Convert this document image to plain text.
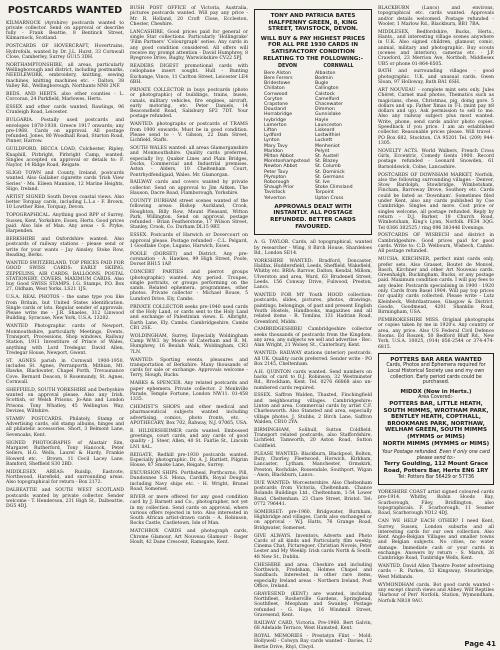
POSTCARDS WANTED
KILMARNOCK (Ayrshire) postcards wanted to private collector. Send on approval or describe fully - Frank Beattie, 8 Bentinck Street, Kilmarnock, Scotland.
POSTCARDS OF HOVERCRAFT, Hovertrains, Hydrofoils, wanted by Dr. J.L. Hurst, 33 Cornwall Close, Camberley, Surrey GU15 3DH.
NORTHAMPTONSHIRE, all areas, particularly Wellingborough and district, including postmarks, NEEDLEWORK, embroidery, knitting, sewing machines, knitting machines etc. - Dalton, 38 Valley Rd., Wellingborough, Northants NN8 2NF.
BEDS. AND HERTS. also other counties - L. Corcoran, 24 Parkfield, Marlowes, Herts.
ESSEX and other cards wanted, Rawlings, 96 Cranleigh Road, Leicester.
BULGARIA. Postally used postcards and envelopes 1878-1938. Greece 1917 onwards; any pre-1968. Cards on approval. All postage refunded. Jones, 80 Woodhall Road, Sturton Road, Pinner, Harrow.
GUILDFORD, BECCA LOAD, Colchester, Ripley, Knaphill, Pirbright, Pirbright Camp, wanted. Singles accepted on approval or details to: F. Naylor, 14 Ridge Road, Reigate.
SLIGO TOWN and County, Ireland, postcards wanted. Also Gallaher cigarette cards 'Irish View Series' - Ms. Eileen Mannion, 12 Marine Heights, Sligo, Ireland.
ARTIST SIGNED South Devon coastal views. Also better Torquay cards, including L.L.s - F. Brown, 10 Lowther Rise, Torquay, Devon.
TOPOGRAPHICAL. Anything good RPP of Surrey, Sussex, Kent, Yorkshire, Essex, Herts. Good prices paid. Also Isle of Man. Any areas - S. Pryke, Harpenden.
BERKSHIRE and Oxfordshire wanted. Also postcards of railway stations - please send or write for your wants - Jay Ainsley, Stoke Row, Reading, Berks.
WANTED SWITZERLAND. TOP PRICES PAID FOR GOOD SWISS CARDS: EARLY SKIING, ZEPPELINS, AIR CARDS, BALLOONS, POSTAL STATIONERY, COVERS, MAXIMUM CARDS. Also buy Good SWISS STAMPS. I.G. Stamps, P.O. Box 27, Oldham, West Yorks. LS21 1JS.
U.S.A. REAL PHOTOS - the same type you like from Britain, but United States identification. Single cards or lots. Regular sender of approvals. Please write me - J.R. Shaeles, 312 Linwood Building, Syracuse, New York, U.S.A. 13202.
WANTED Photographic cards of Newport, Monmouthshire, particularly Meetings, Events, Transport, Processions, Shop windows, Railway Station, 1911 Investiture of Prince of Wales, anything with Lord Tredegar. David Allen, Tredegar House, Newport, Gwent.
ST. AGNES parish in Cornwall 1900-1950, includes St. Agnes, Perranporth, Mithian, Mt. Hawke, Blackwater, Chapel Porth, Trevaunance Cove. Bernard Deacon, 8 Rosemundy, St. Agnes, Cornwall.
SHEFFIELD, SOUTH YORKSHIRE and Derbyshire wanted on approval please. Also any Irish, Scottish, or Welsh Prisons. Jo-Ann and London Prisons. Tony Whatley, 45 Wellington Way, Devizes, Wiltshire.
STAMP/ POSTCARDS. Philately, Stamp or Advertising cards, old stamp albums, hinges and all philatelic accessories. Short, 3 Belmont Lane, Sevenoaks, Kent.
SIGNED PHOTOGRAPHS of Alastair Sim, Margaret Rutherford, Tony Hancock, Peter Sellers, H.G. Wells, Laurel & Hardy, Frankie Howerd etc. - Brown, 11 Cecil Lacey Lane, Bamford, Sheffield S30 2BD.
MIDDLESEX AREAS: Ruislip, Eastcote, Northwood, Harefield, and surrounding areas. Also topographical for return - Box 2172.
DALBEATTIE and SOUTH WEST SCOTLAND postcards wanted by private collector. Sender welcome - T. Henderson, 231 High St., Dalbeattie, DG5 4DJ.
BUSH POST OFFICE of Victoria, Australia, pictures postcards wanted. Will pay any price - Mr. R. Holland, 20 Croft Close, Eccleston, Chester, Cheshire.
LANCASHIRE, Good prices paid for general or single Star collections. Particularly 'Hollingrake' 'Film Partners' 'Colourgraph' series. Any cards in any good condition considered. All offers will receive my prompt attention - David Humphrey, 8 Ryegrove Drive, Rugby, Warwickshire CV22 5PJ.
READERS DIGEST promotional cards with cellophane insert sought. Hull - Bunting Exchange, Vince, 11 Carlton Street, Leicester LE4 6BH.
PRIVATE COLLECTOR in buys postcards (photo or photographic) of buildings, trains, buses, canals, military vehicles, fire engines, aircraft, early motoring, etc. Peter Daniels, 14 Beaconsfield Road, Salisbury SP2 7DT. Your postage refunded.
WANTED: photographs or postcards of TRAMS from 1900 onwards. Must be in good condition. Please send to - V. Gibson, 22 Dam Street, Lichfield, Staffs.
SOUTH WALES wanted: all areas Glamorganshire and Monmouthshire. Quality cards preferred, especially Ivy, Quaker Lines and Plain Bridges, Docks, Commercial and Industrial premises. Aston - Alders, 10 Cheltenham Court, Pontrhydfendigaid, Wales. Mr. Glamorgan.
RAILWAY cards and covers wanted by private collector. Send on approval to Jim Aitken, The Hauson, Dacre Road, Flamborough, Yorkshire.
COUNTY DURHAM street scenes wanted of the following areas: Bishop Auckland, Crook, Houghton, Billy Row, Mount Pleasant, Witton Park, Willington. Send on approval, postage refunded - Brian Featherstone, 17 Wilson Street, Stanley, Crook, Co. Durham DL15 9RT.
ESSEX. Postcards of Harwich or Dovercourt on approval please. Postage refunded - C.L. Pelgard, 1 Goodlake Cope, Lugano, Harwich, Essex.
POOLE (DORSET) and District. Any pre-coronation - A. Hawkes, 99 High Street, Poole, Dorset BH15 1AP.
CONCERT PARTIES and pierrot groups (photographic) wanted. Any period. Troupes, single portraits, or groups performing on the sands. Related ephemera, programmes, other photos. Private collector - Michael Rouse, 5 Lumford Drive, Ely, Cambs.
PRIVATE COLLECTOR seeks pre-1940 used cards of the Holy Land, or cards sent to the Holy Land and exchange of Palestinian views. E. Albright, Earth Lane, Ely, Cambs. Cambridgeshire, Cambs CB1 2SE.
WOLDINGHAM, Surrey. Especially Woldingham Camp W.W.I. by Moore of Caterham and R. M. Humphrey, 16 Beulah Walk, Woldingham, CR3 7LN.
WANTED: Sporting events, pleasures and transportation of Berkshire. Many thousands of cards for sale or exchange. Approvals welcome - Terry, Slough, Bucks.
MARKS & SPENCER. Any related postcards and paper ephemera. Private collector. 2 Monkville Parade, Temple Fortune, London NW11. 01-458 1335.
CHEMIST'S SHOPS and other medical and pharmaceutical subjects wanted including advertising, comics, photo fronts, etc. - APOTHECARY, Box 702, Rahway, N.J. 07065, USA.
B. HILDERSHEIMER cards wanted. Embossed greetings, court cards, and any cards of good quality - J. Steer, Allen, 40 St. Fairlie St., Lincoln LN1 8AL.
REIGATE, Redhill pre-1930 postcards wanted. Especially photographic. Dr. A. J. Bartlett, Pilgrim House, 87 Smoke Lane, Reigate, Surrey.
EXCURSION SHIPS. Porthsheal, Porthcurno, Pill, Dundonnes S.S. Mona, Cardiffs, Royal Douglas including Navy ships etc. - H. Wright, Brunel Road, Somerset.
RIVER or more offered for any good condition card by J. Barnett and Co., photographer, not yet in my collection. Send cards on approval, where various offers rejected in toto. Also interested in South African artist-drawn cards - A. Robinson, Rocks Castle, Castletown, Isle of Man.
MATCHBOX CARDS and photograph cards, Chrome Glamour, Art Nouveau Glamour - Roger Hoult, 42 Dane Crescent, Ramsgate, Kent.
TONY AND PATRICIA BATES HALFPENNY GREEN, 8, KING STREET, TAVISTOCK, DEVON.
WILL BUY & PAY HIGHEST PRICES FOR ALL PRE 1930 CARDS IN SATISFACTORY CONDITION RELATING TO THE FOLLOWING:-
DEVON
Bere Alston
Bere Ferrers
Bridestowe
Chillaton
Cornwood
Coryton
Crapstone
Dousland
Horrabridge
Ivybridge
Lamerton
Lifton
Lydford
Lynton
Mary Tavy
Marldon
Milton Abbot
Moretonhampstead
Newton Abbot
Peter Tavy
Plympton
Roborough
Shaugh Prior
Tavistock
Yelverton
CORNWALL
Albaston
Bodmin
Bugle
Callington
Calstock
Camelford
Chacewater
Dimmon
Gunnislake
Hayle
Launceston
Liskeard
Lostwithiel
Luckett
Menheniot
Pelynt
St. Austell
St. Blazey
St. Columb
St. Dominick
St. Germans
St. Ive
Stoke Climsland
Torpoint
Upton Cross
APPROVALS DEALT WITH INSTANTLY. ALL POSTAGE REFUNDED. BETTER CARDS FAVOURED.
A. G. TAYLOR. Cards, all topographical, wanted by researcher - Wing, 8 Birch House, Shardeloes Rd., London SE14.
YORKSHIRE WANTED: Bradford, Doncaster, Halifax, Huddersfield, Leeds, Sheffield, Wakefield, Whitby etc. BRIA: Barrow, Dalton, Kendal, Millom, Ulverston and area, Ward, 63 Brudenell Street, Leeds. 156 Conway Drive, Fulwood, Preston, Lancs.
WANTED FOR MY Youth HOOD collection: postcards, slides, pictures, photos, drawings, paintings, belongings, of past and present English Youth Hostels, Handbooks, magazines and all related items - R. Tomlins, 131 Hadrian Road, Greenford, Middx.
CAMBRIDGESHIRE/ Cambridgeshire collector seeks thousands of postcards from the Kingdom, any area, any subjects we sell and advertise - Rec. Alan Wright, 21 Wolsey St., Canterbury, Kent.
WANTED: RAILWAY stations (interior) postcards. All UK. Quality cards preferred. Sender write - PO Box 2145, Cheltenham.
A.H. QUINTON cards wanted. Send numbers on backs of card to D.J. Robinson, 32 Westminster Rd., Brockham, Kent. Tel. 0276 66868 also un-numbered cards required.
ESSEX. Saffron Walden, Thaxted, Finchingfield and neighbouring villages. Cambridgeshire: Linton and area. Commercial cards by artist C.F. Charlesworth. Also Stansted and area, especially village photos. J. Stubbs, 2 Birch Lane, Saffron Walden, CB10 2YA.
BIRMINGHAM, Solihull, Sutton Coldfield. Transport related postcards, also Staffordshire, Lichfield, Tamworth, 20 Aston Road, Sutton Coldfield.
PLEASE WANTED: Blackburn, Blackpool, Bolton, Bury, Chorley, Fleetwood, Horwich, Kirkham, Lancaster, Lytham, Manchester, Ormskirk, Preston, Rochdale, Rossendale, Southport, Wigan - Anon, Blackburn, Lancs.
DUE WANTED: Worcestershire. Also Cheltenham postcards from Victoria, Cheltenham. Chance Rolands Buildings Ltd., Cheltenham, 1-54 Lower Road, Cheltenham. 23 Clare Street, Bristol. Tel: 0772 796441.
SOMERSET: pre-1960. Bridgwater, Burnham, Highbridge and villages. Cards also exchanged or on approval - W.J. Hatts, 76 Grange Road, Bridgwater, Somerset.
GIVE ALWAYS. Inventors, Adverts and Photo Cards of all kinds and Particularly film weekly, Cinema Chat, Picturegoer, Christian Novels, Peter Lester and My Weekly. Irish cards North & South. 48 New St., Dublin.
CHESHIRE and area. Cheshire and including Northwich, Frodsham, Holmes Chapel and Sandbach. Interested in other rare items, especially Ireland areas - Northern Ireland, Post Office, Ireland.
GRAVESEND (KENT) are wanted, including Northfleet, Rosherville Gardens, Springhead, Southfleet, Meopham and Swanley. Postage refunded - G. Hope, 16 Windmill Street, Gravesend, Kent.
RAILWAY CARD, Victoria. Pre-1960. Bert Galvin, 68 Adelaide Terrace, West Hamsted, Kent.
ROYAL MEMORIES - Prestatyn Flint - Mold. Hollywell - Colwyn Bay cards wanted - Davies, 12 Bertie Drive, Rhyl, Clwyd.
BLACKBURN (Lancs) and environs, topographical etc. cards wanted. Approvals and/or details welcomed. Postage refunded - Wooler, 1 Marlow Rd., Blackburn, BB1 7BA.
MIDDLESEX, Bedfordshire, Bucks, Herts., Hants., and interesting village scenes anywhere in U.K. Also signed children, glamour, comic, animal, military and photographic. Buy scouts (scenes and interiors), cameras etc. - J.P. Crawford, 23 Merrion Ave, Northolt, Middlesex UB5 or phone 01-864-6505.
BATH and surrounding villages - good photographic. U.K. and unusual cards. Gwen Sloan, 97 Holloway, Bath BA1 6SH.
ART NOUVEAU - complete mint sets only. Jules Chéret, Carnet mail photos, Thematics such as magicians, chess, Christmas, pig, doing gore. 5 dollars and up. Father Xmas in T-L (mint pay $8 dollars and up). Ask permission to sell to me. Also any railway subject plus most wanted. Write, phone, send cards and/or photo copies. Speedback if you price. I am an established collector. Reasonable prices please. Will travel - PO Box 682, Stockton, CA 95201 Tel. (209) 944-1305.
NOVELTY ACTS. World Walkers, French Cross Girls, Eccentric, Comedy Gents 1900. Record postage refunded - Leonard Snowden, 61 Barnoldswick, Colne, Lancashire.
POSTCARDS OF DOWNHAM MARKET, Norfolk, also the following surrounding villages - Denver, Stow Bardolph, Stowbridge, Wimbotsham, Fincham, Barroway Drove, Southery etc. Cards could be listed as 'Downham'. Sometimes filed under Kent, also any cards published by Coe Cambridge. Singles and more. Cost price or singles welcome, all postage refunded. Reply by return - D.J. Barker, 18 Church Road, Wimbotsham, King's Lynn, Norfolk. PE34 3QG. Tel 0366 382525 / ring 096 383446 Evenings.
POSTCARDS OF WISBECH and district in Cambridgeshire. Good prices paid for good cards. Write to: C.D. Welbourn, Wisbech, Cambs. All postage refunded.
MUCHA, KIRCHNER, perfect mint cards only, prefer sets. Also Grasset, Boutet de Monvel, Basch, Kirchner and other Art Nouveau cards. Greenhalgh, Buckingham, Bucks, or any postage paid. Maximum condition cards. I will pay fees to any dealer. Postcards specialising in 1900 - 1920 only. Cards from Basel 1904. Will pay top prices for quality cards collected. Please write - Lutz Kleinbeck, Wehrdastrasse, Glasgow & District. Goode, Goodmead, 4201 Shanklin Road, Birmingham, USA.
PEMBROKESHIRE MISS. Original photographs or copies taken by me in 1920's. Any country or area, any price. Also US Federal Civil Defence Rooms. Ed Roszek, 50 Bedford Bluff Rd., New York, U.S.A. 10025, (914) 856-2544 or 374-474-6815.
POTTERS BAR AREA WANTED
Cards, Photos and Ephemera required for Local Historical Society use and my own collection. Early period cards could be purchased.
MIDDX (Now in Herts.)
Area Covered:-
POTTERS BAR, LITTLE HEATH, SOUTH MIMMS, WROTHAM PARK, BENTLEY HEATH, COPTHALL, BROOKMANS PARK, NORTHAW, WELHAM GREEN, SOUTH MIMMS (MYMMS or MIMS)
NORTH MIMMS (MYMMS or MIMS)
Your Postage refunded. Even if only one card please send to:-
Terry Goulding, 112 Mount Grace Road, Potters Bar, Herts EN6 1RY
Tel: Potters Bar 56429 or 57736
YORKSHIRE COAST artist signed coloured cards pre-1914. Whitby, Robin Hoods Bay, Scarborough, Filey, Bridlington, also topographicals. F. Scarborough, 11 Seamer Road, Scarborough YO12 4DJ.
CAN WE HELP EACH OTHER? I need Kent, Surrey, Sussex, London suburbs and all interesting cards for our own collection. Also Kent Anglo-Belgian Villages and smaller towns and Belgian subjects. No cities, no water damage. Immediate cash or your cards in exchange. Answers by return - S. Marsh, 26 Cambridge Road, Tunbridge Wells, Kent.
WANTED. David Allen Theatre Poster advertising cards - R. Parkes, 53 Kingsway, Stourbridge, West Midlands.
WYMONDHAM cards. Bot good cards wanted - any except church views and Abbey. Wilf Reptiles 'Harbour of Peri' Norfolk, Station, Wymondham, Norfolk NR18 9AU.
Page 41
